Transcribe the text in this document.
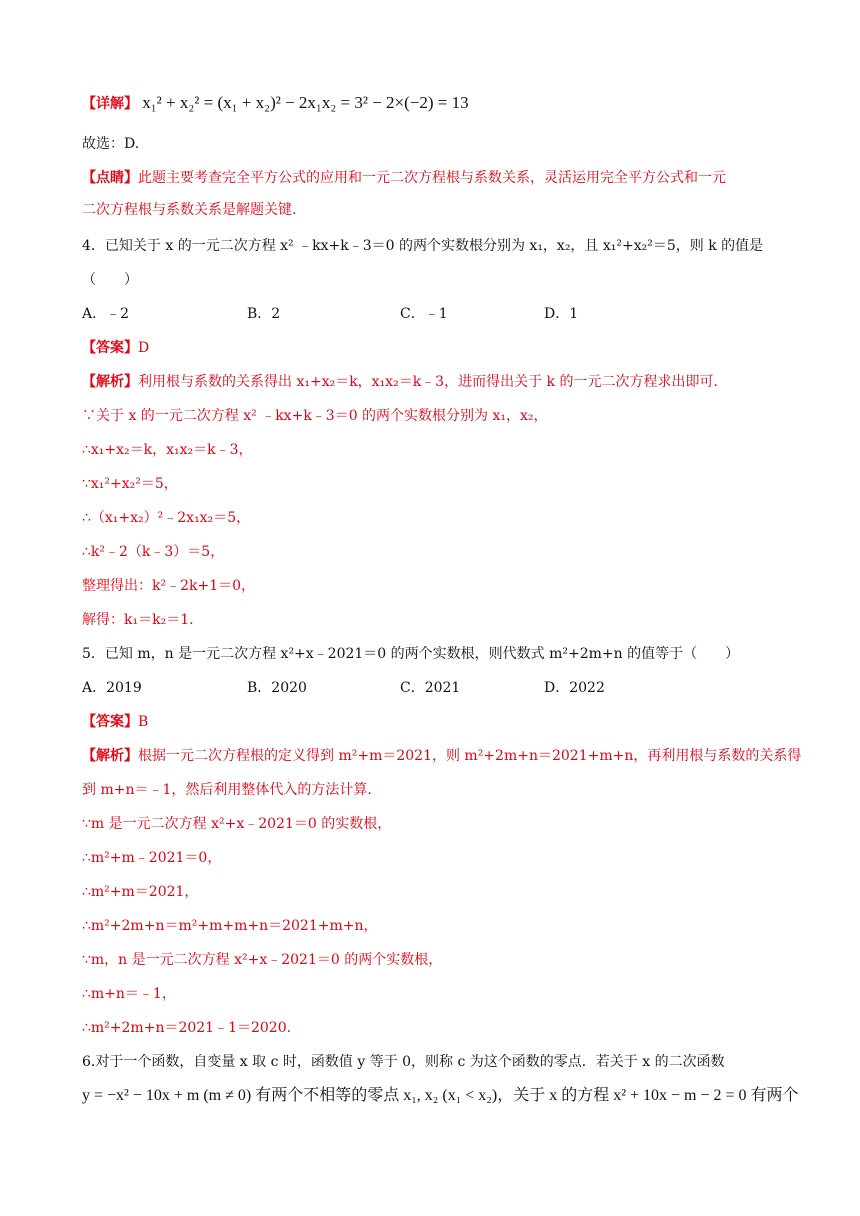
【详解】 x₁² + x₂² = (x₁ + x₂)² − 2x₁x₂ = 3² − 2×(−2) = 13
故选：D.
【点睛】此题主要考查完全平方公式的应用和一元二次方程根与系数关系，灵活运用完全平方公式和一元
二次方程根与系数关系是解题关键.
4．已知关于 x 的一元二次方程 x² ﹣kx+k﹣3＝0 的两个实数根分别为 x₁，x₂，且 x₁²+x₂²＝5，则 k 的值是
（　　）
A．﹣2	B．2	C．﹣1	D．1
【答案】D
【解析】利用根与系数的关系得出 x₁+x₂＝k，x₁x₂＝k﹣3，进而得出关于 k 的一元二次方程求出即可.
∵关于 x 的一元二次方程 x² ﹣kx+k﹣3＝0 的两个实数根分别为 x₁，x₂，
∴x₁+x₂＝k，x₁x₂＝k﹣3，
∵x₁²+x₂²＝5，
∴（x₁+x₂）²﹣2x₁x₂＝5，
∴k²﹣2（k﹣3）＝5，
整理得出：k²﹣2k+1＝0，
解得：k₁＝k₂＝1.
5．已知 m，n 是一元二次方程 x²+x﹣2021＝0 的两个实数根，则代数式 m²+2m+n 的值等于（　　）
A．2019	B．2020	C．2021	D．2022
【答案】B
【解析】根据一元二次方程根的定义得到 m²+m＝2021，则 m²+2m+n＝2021+m+n，再利用根与系数的关系得
到 m+n＝﹣1，然后利用整体代入的方法计算.
∵m 是一元二次方程 x²+x﹣2021＝0 的实数根，
∴m²+m﹣2021＝0，
∴m²+m＝2021，
∴m²+2m+n＝m²+m+m+n＝2021+m+n，
∵m，n 是一元二次方程 x²+x﹣2021＝0 的两个实数根，
∴m+n＝﹣1，
∴m²+2m+n＝2021﹣1＝2020.
6.对于一个函数，自变量 x 取 c 时，函数值 y 等于 0，则称 c 为这个函数的零点．若关于 x 的二次函数
y = −x² − 10x + m (m ≠ 0) 有两个不相等的零点 x₁, x₂ (x₁ < x₂)，关于 x 的方程 x² + 10x − m − 2 = 0 有两个
